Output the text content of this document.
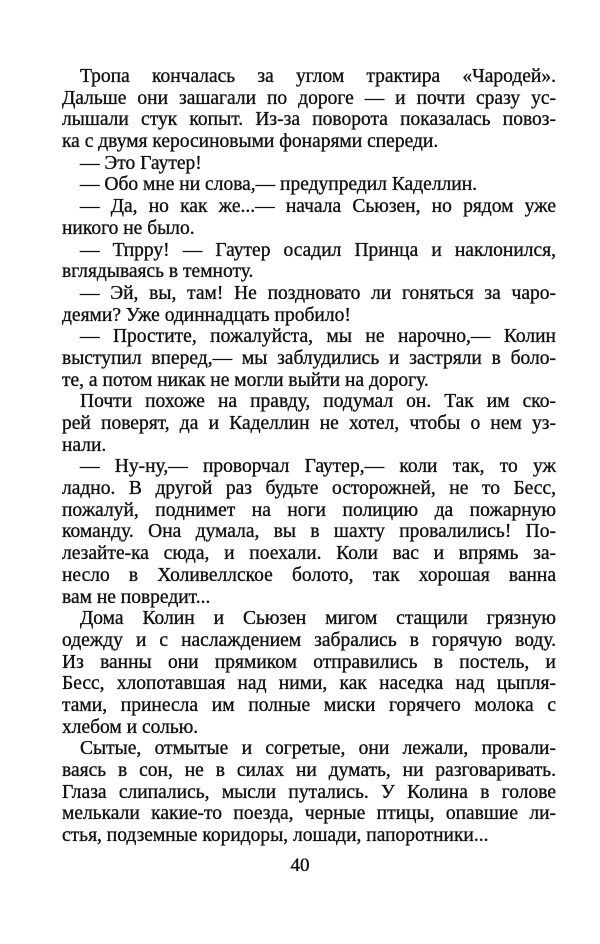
Тропа кончалась за углом трактира «Чародей».
Дальше они зашагали по дороге — и почти сразу ус-
лышали стук копыт. Из-за поворота показалась повоз-
ка с двумя керосиновыми фонарями спереди.
— Это Гаутер!
— Обо мне ни слова,— предупредил Каделлин.
— Да, но как же...— начала Сьюзен, но рядом уже
никого не было.
— Тпрру! — Гаутер осадил Принца и наклонился,
вглядываясь в темноту.
— Эй, вы, там! Не поздновато ли гоняться за чаро-
деями? Уже одиннадцать пробило!
— Простите, пожалуйста, мы не нарочно,— Колин
выступил вперед,— мы заблудились и застряли в боло-
те, а потом никак не могли выйти на дорогу.
Почти похоже на правду, подумал он. Так им ско-
рей поверят, да и Каделлин не хотел, чтобы о нем уз-
нали.
— Ну-ну,— проворчал Гаутер,— коли так, то уж
ладно. В другой раз будьте осторожней, не то Бесс,
пожалуй, поднимет на ноги полицию да пожарную
команду. Она думала, вы в шахту провалились! По-
лезайте-ка сюда, и поехали. Коли вас и впрямь за-
несло в Холивеллское болото, так хорошая ванна
вам не повредит...
Дома Колин и Сьюзен мигом стащили грязную
одежду и с наслаждением забрались в горячую воду.
Из ванны они прямиком отправились в постель, и
Бесс, хлопотавшая над ними, как наседка над цыпля-
тами, принесла им полные миски горячего молока с
хлебом и солью.
Сытые, отмытые и согретые, они лежали, провали-
ваясь в сон, не в силах ни думать, ни разговаривать.
Глаза слипались, мысли путались. У Колина в голове
мелькали какие-то поезда, черные птицы, опавшие ли-
стья, подземные коридоры, лошади, папоротники...
40
